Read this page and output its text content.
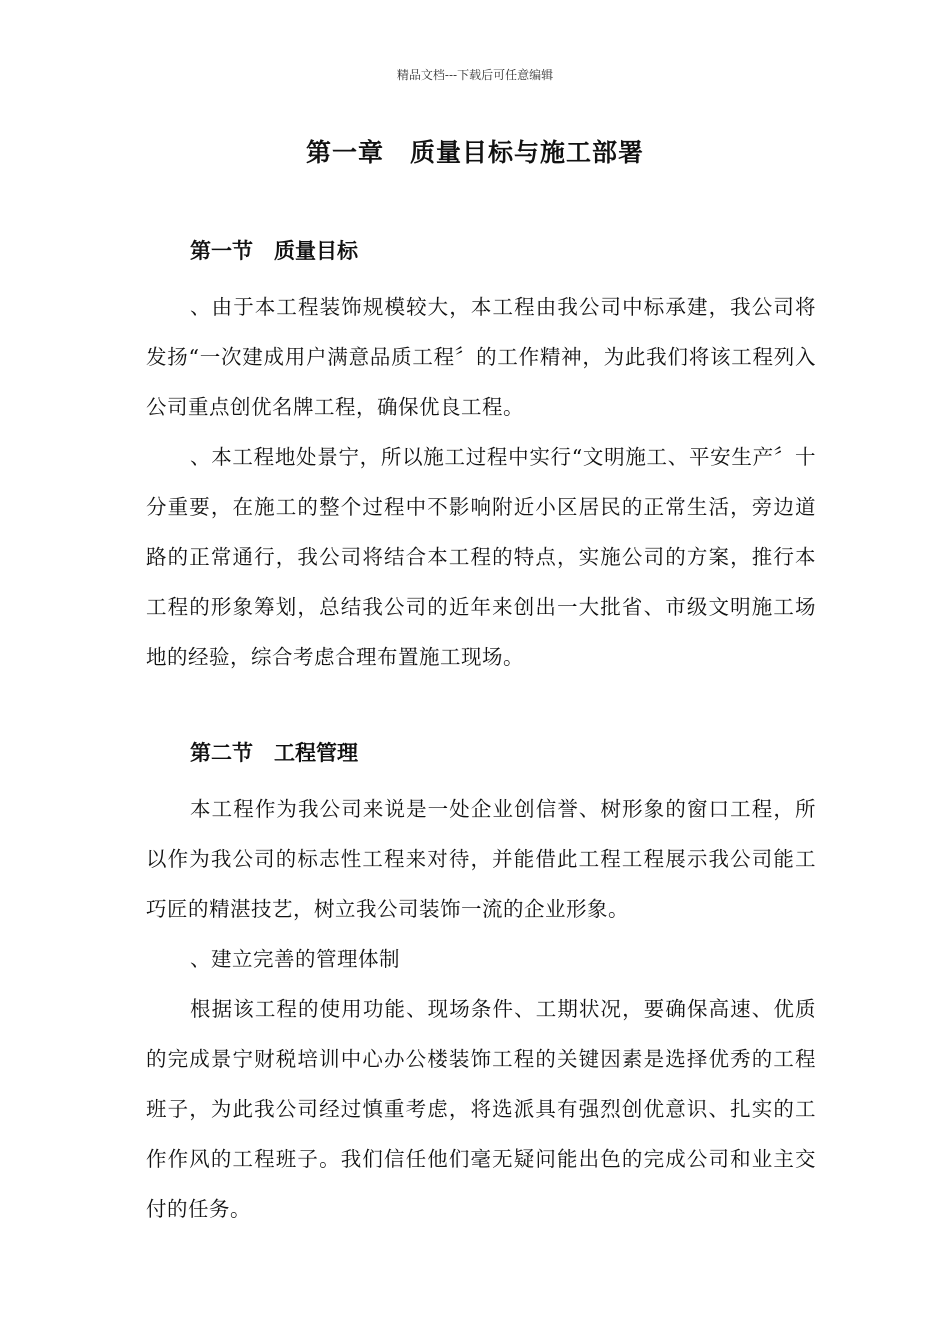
精品文档---下载后可任意编辑
第一章　质量目标与施工部署
第一节　质量目标

、由于本工程装饰规模较大，本工程由我公司中标承建，我公司将发扬“一次建成用户满意品质工程〞的工作精神，为此我们将该工程列入公司重点创优名牌工程，确保优良工程。

、本工程地处景宁，所以施工过程中实行“文明施工、平安生产〞十分重要，在施工的整个过程中不影响附近小区居民的正常生活，旁边道路的正常通行，我公司将结合本工程的特点，实施公司的方案，推行本工程的形象筹划，总结我公司的近年来创出一大批省、市级文明施工场地的经验，综合考虑合理布置施工现场。

第二节　工程管理

本工程作为我公司来说是一处企业创信誉、树形象的窗口工程，所以作为我公司的标志性工程来对待，并能借此工程工程展示我公司能工巧匠的精湛技艺，树立我公司装饰一流的企业形象。

、建立完善的管理体制

根据该工程的使用功能、现场条件、工期状况，要确保高速、优质的完成景宁财税培训中心办公楼装饰工程的关键因素是选择优秀的工程班子，为此我公司经过慎重考虑，将选派具有强烈创优意识、扎实的工作作风的工程班子。我们信任他们毫无疑问能出色的完成公司和业主交付的任务。
